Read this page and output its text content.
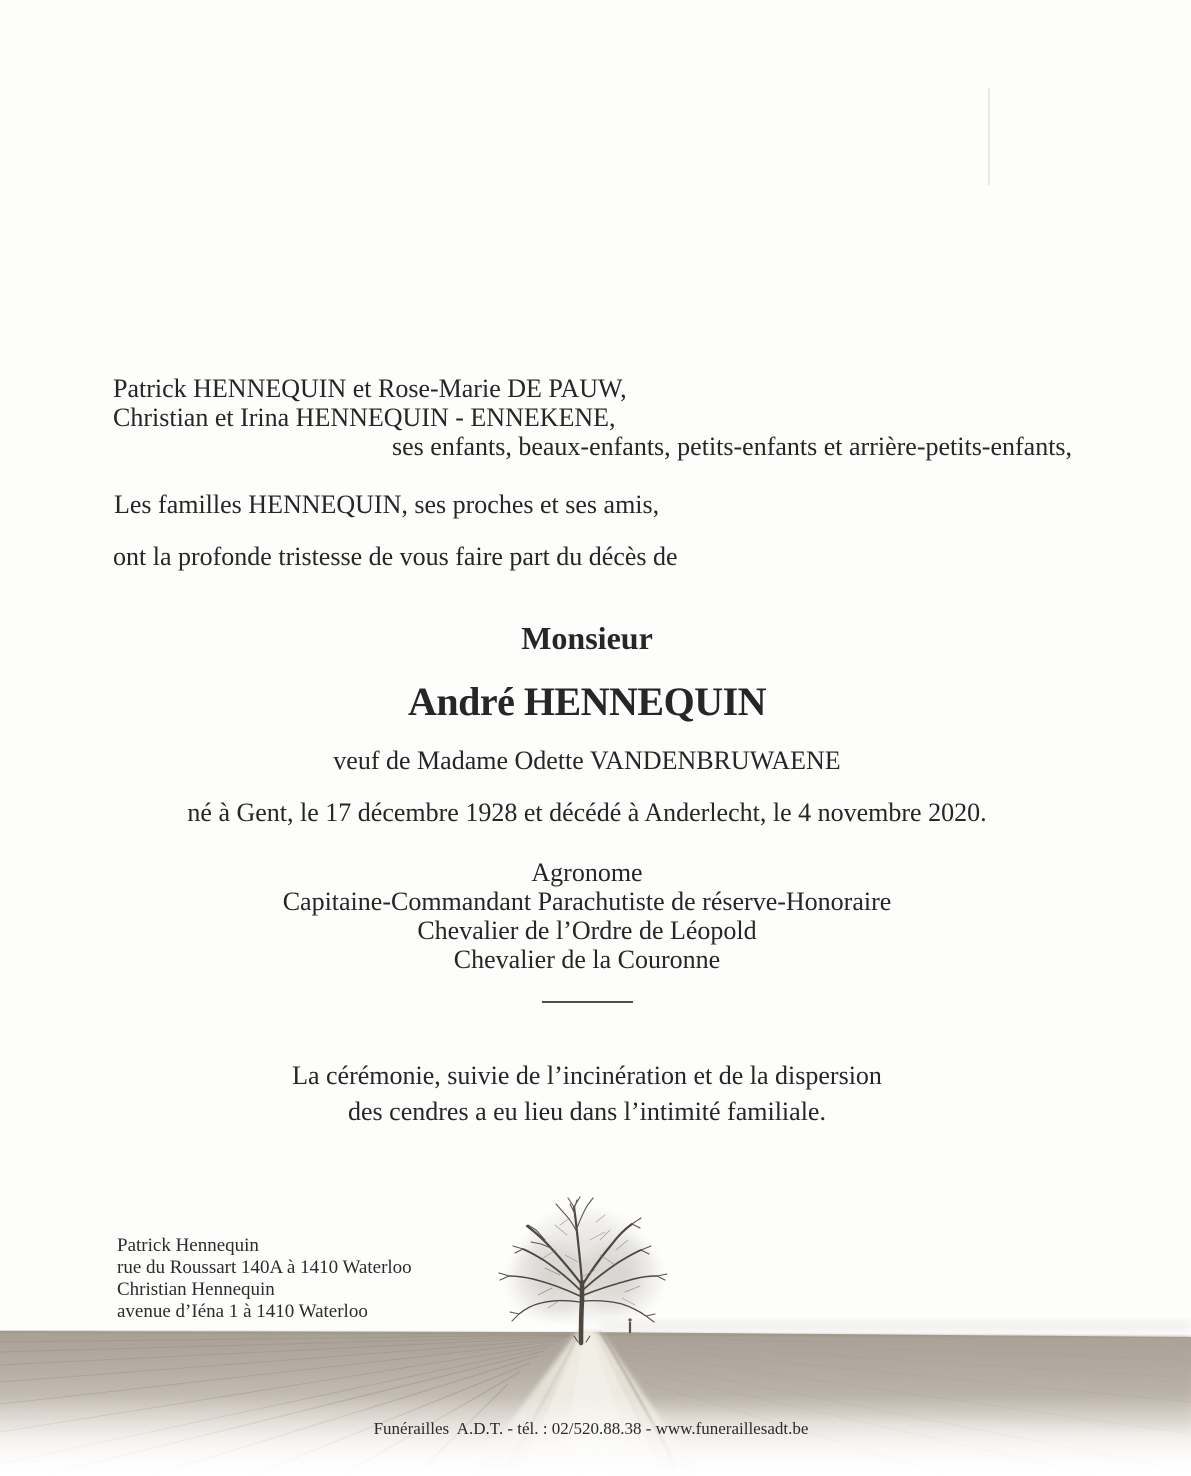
Patrick HENNEQUIN et Rose-Marie DE PAUW,
Christian et Irina HENNEQUIN - ENNEKENE,
ses enfants, beaux-enfants, petits-enfants et arrière-petits-enfants,
Les familles HENNEQUIN, ses proches et ses amis,
ont la profonde tristesse de vous faire part du décès de
Monsieur
André HENNEQUIN
veuf de Madame Odette VANDENBRUWAENE
né à Gent, le 17 décembre 1928 et décédé à Anderlecht, le 4 novembre 2020.
Agronome
Capitaine-Commandant Parachutiste de réserve-Honoraire
Chevalier de l’Ordre de Léopold
Chevalier de la Couronne
La cérémonie, suivie de l’incinération et de la dispersion
des cendres a eu lieu dans l’intimité familiale.
Patrick Hennequin
rue du Roussart 140A à 1410 Waterloo
Christian Hennequin
avenue d’Iéna 1 à 1410 Waterloo
Funérailles  A.D.T. - tél. : 02/520.88.38 - www.funeraillesadt.be
